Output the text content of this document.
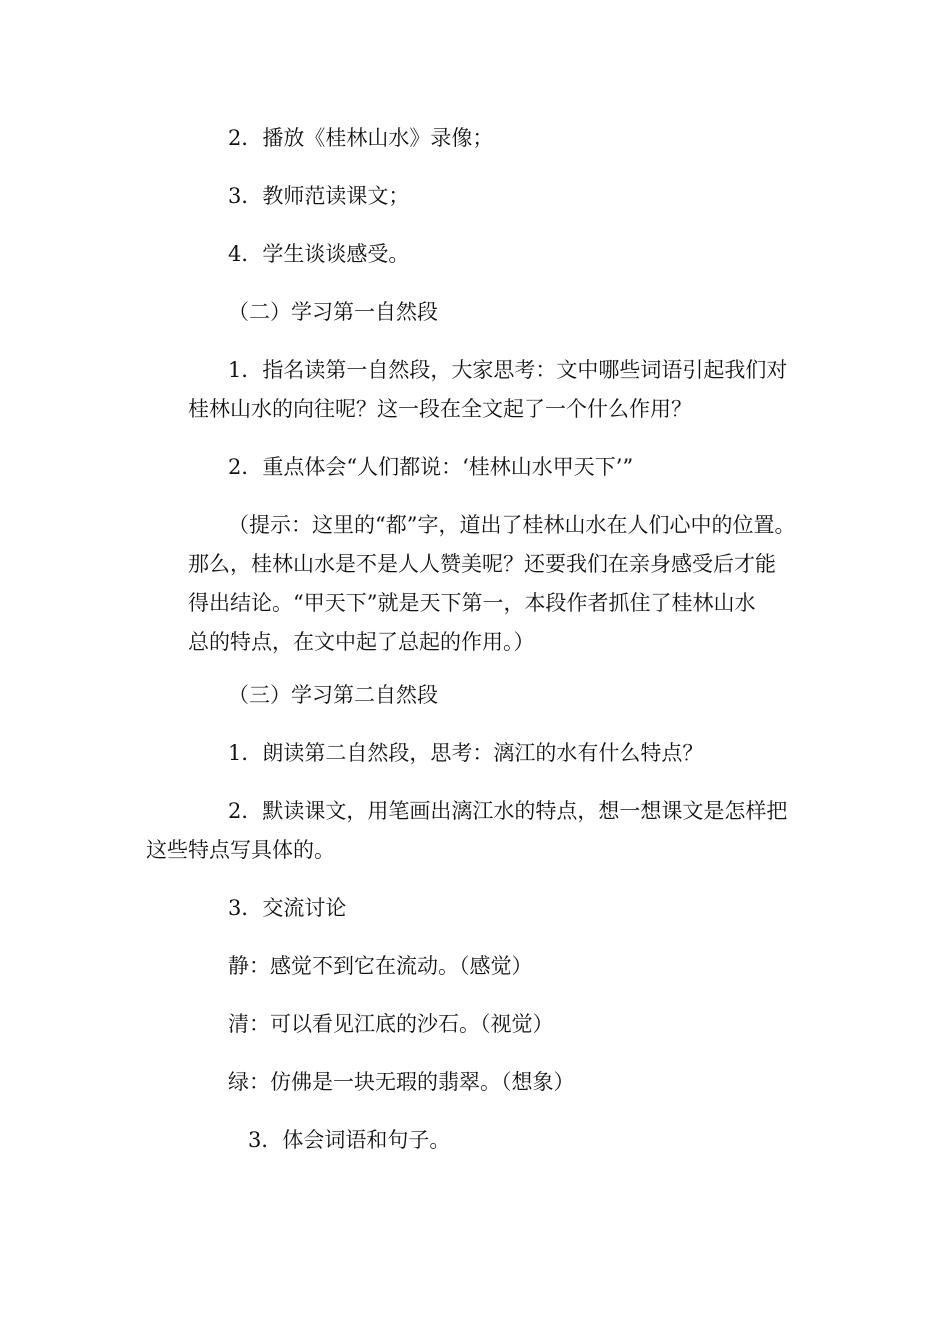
2．播放《桂林山水》录像；
3．教师范读课文；
4．学生谈谈感受。
（二）学习第一自然段
1．指名读第一自然段，大家思考：文中哪些词语引起我们对
桂林山水的向往呢？这一段在全文起了一个什么作用？
2．重点体会“人们都说：‘桂林山水甲天下’”
（提示：这里的“都”字，道出了桂林山水在人们心中的位置。
那么，桂林山水是不是人人赞美呢？还要我们在亲身感受后才能
得出结论。“甲天下”就是天下第一，本段作者抓住了桂林山水
总的特点，在文中起了总起的作用。）
（三）学习第二自然段
1．朗读第二自然段，思考：漓江的水有什么特点？
2．默读课文，用笔画出漓江水的特点，想一想课文是怎样把
这些特点写具体的。
3．交流讨论
静：感觉不到它在流动。（感觉）
清：可以看见江底的沙石。（视觉）
绿：仿佛是一块无瑕的翡翠。（想象）
3．体会词语和句子。
